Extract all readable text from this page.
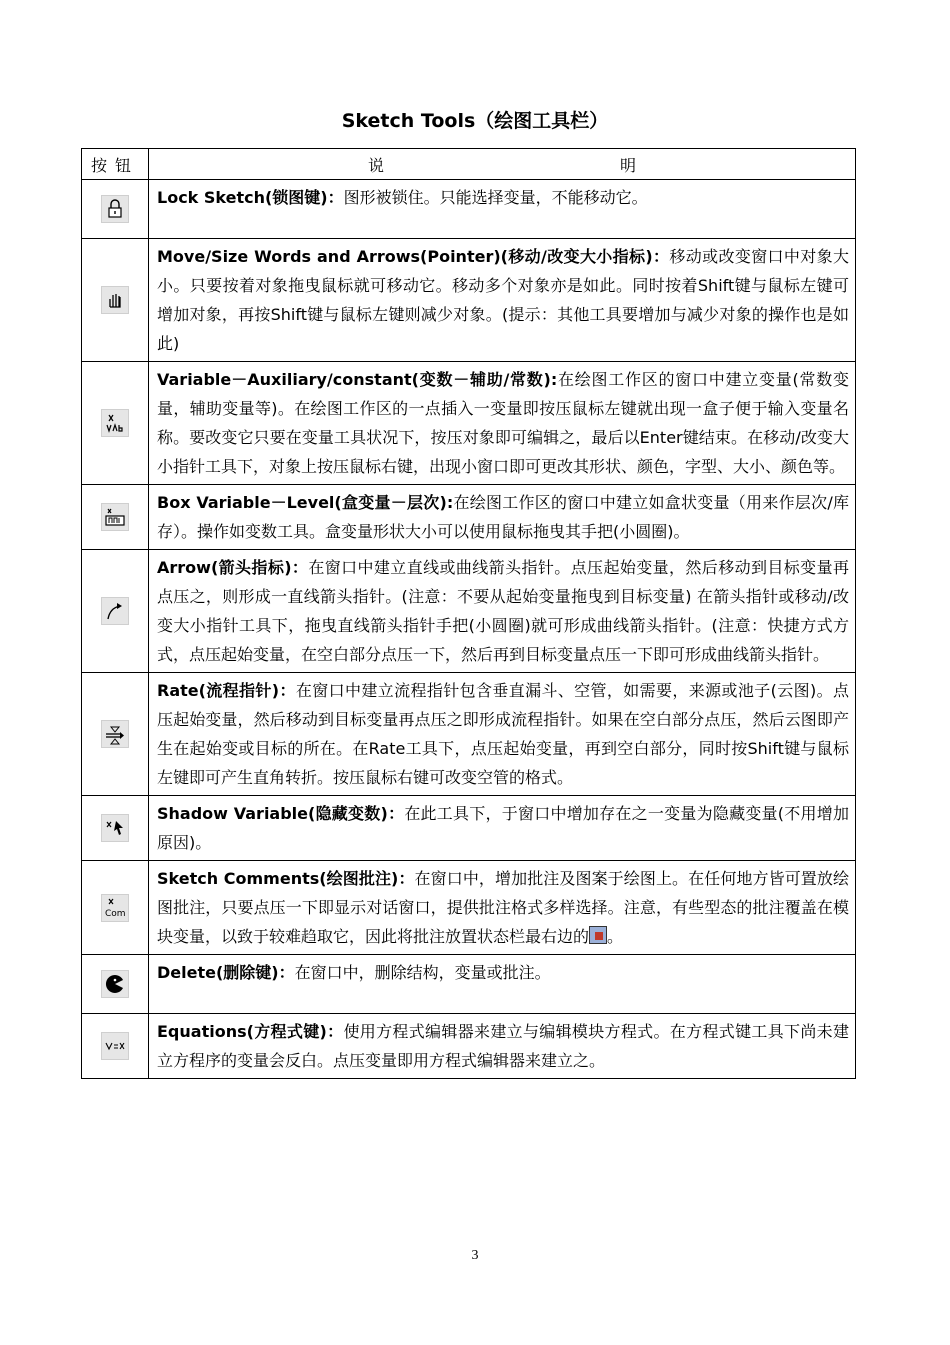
Sketch Tools（绘图工具栏）
按钮	说 明

	Lock Sketch(锁图键)：图形被锁住。只能选择变量，不能移动它。

	Move/Size Words and Arrows(Pointer)(移动/改变大小指标)：移动或改变窗口中对象大小。只要按着对象拖曳鼠标就可移动它。移动多个对象亦是如此。同时按着Shift键与鼠标左键可增加对象，再按Shift键与鼠标左键则减少对象。(提示：其他工具要增加与减少对象的操作也是如此)

	Variable－Auxiliary/constant(变数－辅助/常数):在绘图工作区的窗口中建立变量(常数变量，辅助变量等)。在绘图工作区的一点插入一变量即按压鼠标左键就出现一盒子便于输入变量名称。要改变它只要在变量工具状况下，按压对象即可编辑之，最后以Enter键结束。在移动/改变大小指针工具下，对象上按压鼠标右键，出现小窗口即可更改其形状、颜色，字型、大小、颜色等。

	Box Variable－Level(盒变量－层次):在绘图工作区的窗口中建立如盒状变量（用来作层次/库存）。操作如变数工具。盒变量形状大小可以使用鼠标拖曳其手把(小圆圈)。

	Arrow(箭头指标)：在窗口中建立直线或曲线箭头指针。点压起始变量，然后移动到目标变量再点压之，则形成一直线箭头指针。(注意：不要从起始变量拖曳到目标变量) 在箭头指针或移动/改变大小指针工具下，拖曳直线箭头指针手把(小圆圈)就可形成曲线箭头指针。(注意：快捷方式方式，点压起始变量，在空白部分点压一下，然后再到目标变量点压一下即可形成曲线箭头指针。

	Rate(流程指针)：在窗口中建立流程指针包含垂直漏斗、空管，如需要，来源或池子(云图)。点压起始变量，然后移动到目标变量再点压之即形成流程指针。如果在空白部分点压，然后云图即产生在起始变或目标的所在。在Rate工具下，点压起始变量，再到空白部分，同时按Shift键与鼠标左键即可产生直角转折。按压鼠标右键可改变空管的格式。

	Shadow Variable(隐藏变数)：在此工具下，于窗口中增加存在之一变量为隐藏变量(不用增加原因)。

Com	Sketch Comments(绘图批注)：在窗口中，增加批注及图案于绘图上。在任何地方皆可置放绘图批注，只要点压一下即显示对话窗口，提供批注格式多样选择。注意，有些型态的批注覆盖在模块变量，以致于较难趋取它，因此将批注放置状态栏最右边的 。

	Delete(删除键)：在窗口中，删除结构，变量或批注。

	Equations(方程式键)：使用方程式编辑器来建立与编辑模块方程式。在方程式键工具下尚未建立方程序的变量会反白。点压变量即用方程式编辑器来建立之。
3
